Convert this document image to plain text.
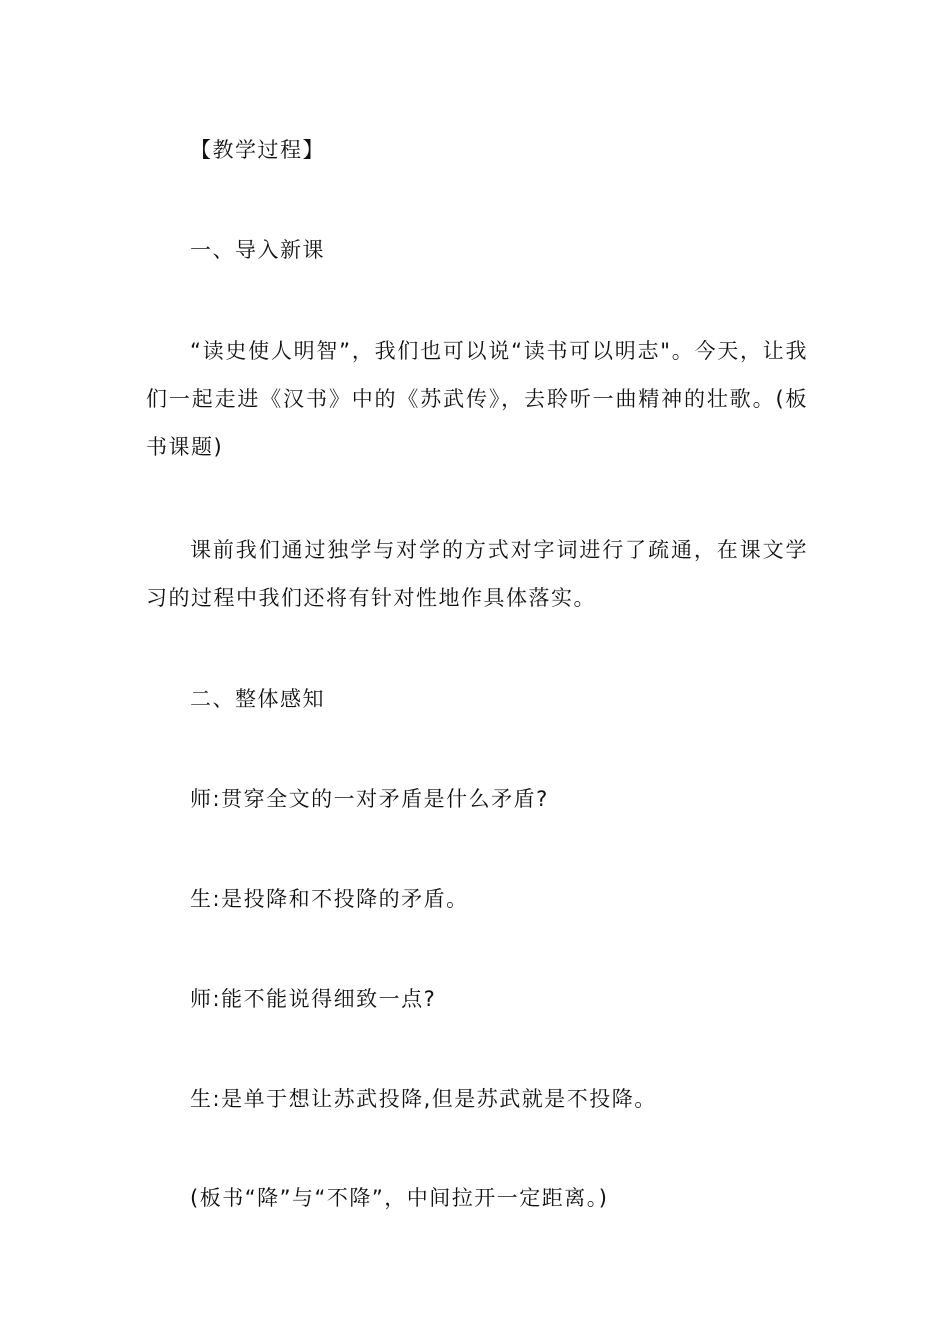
【教学过程】

一、导入新课

“读史使人明智”，我们也可以说“读书可以明志"。今天，让我们一起走进《汉书》中的《苏武传》，去聆听一曲精神的壮歌。(板书课题)

课前我们通过独学与对学的方式对字词进行了疏通，在课文学习的过程中我们还将有针对性地作具体落实。

二、整体感知

师:贯穿全文的一对矛盾是什么矛盾?

生:是投降和不投降的矛盾。

师:能不能说得细致一点?

生:是单于想让苏武投降,但是苏武就是不投降。

(板书“降”与“不降”，中间拉开一定距离。)
